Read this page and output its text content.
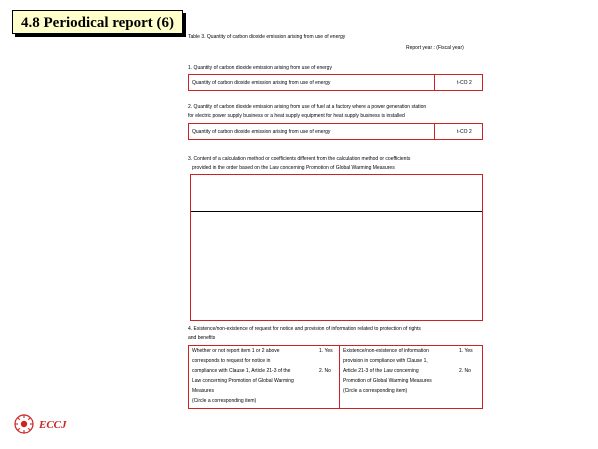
4.8 Periodical report (6)
Table 3. Quantity of carbon dioxide emission arising from use of energy
Report year : (Fiscal year)
1. Quantity of carbon dioxide emission arising from use of energy
Quantity of carbon dioxide emission arising from use of energy	t-CO 2
2. Quantity of carbon dioxide emission arising from use of fuel at a factory where a power generation station
for electric power supply business or a heat supply equipment for heat supply business is installed
Quantity of carbon dioxide emission arising from use of energy	t-CO 2
3. Content of a calculation method or coefficients different from the calculation method or coefficients
provided in the order based on the Law concerning Promotion of Global Warming Measures
4. Existence/non-existence of request for notice and provision of information related to protection of rights
and benefits
Whether or not report item 1 or 2 above
corresponds to request for notice in
compliance with Clause 1, Article 21-3 of the
Law concerning Promotion of Global Warming
Measures
(Circle a corresponding item)
1. Yes
2. No
Existence/non-existence of information
provision in compliance with Clause 1,
Article 21-3 of the Law concerning
Promotion of Global Warming Measures
(Circle a corresponding item)
1. Yes
2. No
ECCJ
